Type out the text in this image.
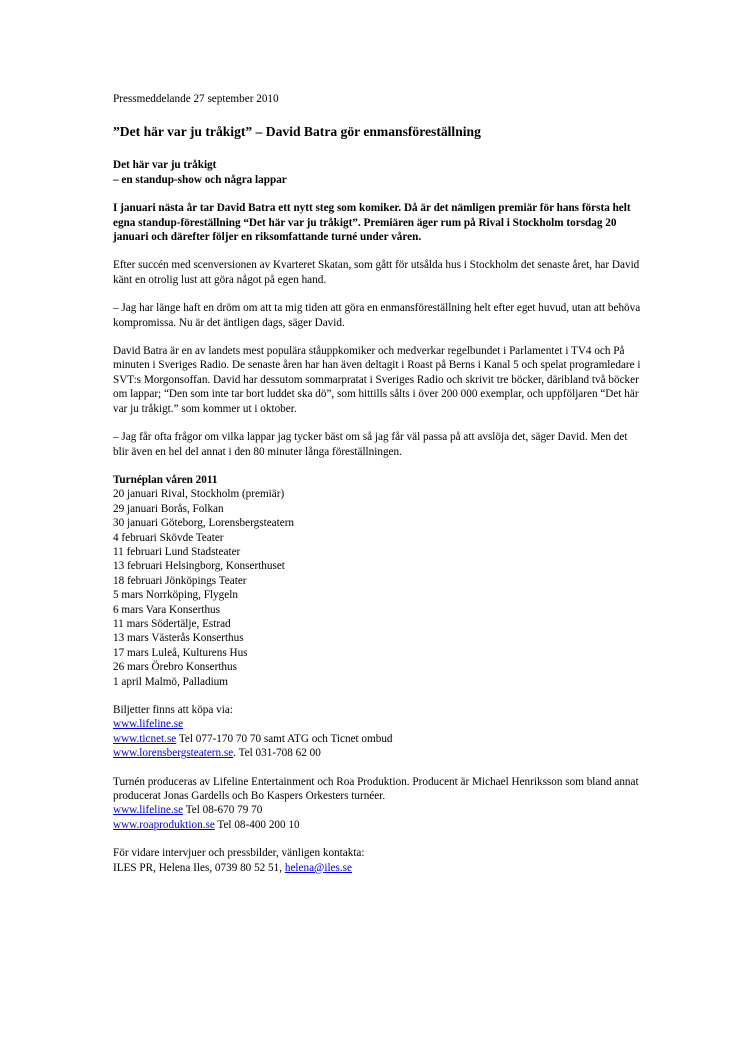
Pressmeddelande 27 september 2010

”Det här var ju tråkigt” – David Batra gör enmansföreställning

Det här var ju tråkigt
– en standup-show och några lappar

I januari nästa år tar David Batra ett nytt steg som komiker. Då är det nämligen premiär för hans första helt egna standup-föreställning “Det här var ju tråkigt”. Premiären äger rum på Rival i Stockholm torsdag 20 januari och därefter följer en riksomfattande turné under våren.

Efter succén med scenversionen av Kvarteret Skatan, som gått för utsålda hus i Stockholm det senaste året, har David känt en otrolig lust att göra något på egen hand.

– Jag har länge haft en dröm om att ta mig tiden att göra en enmansföreställning helt efter eget huvud, utan att behöva kompromissa. Nu är det äntligen dags, säger David.

David Batra är en av landets mest populära ståuppkomiker och medverkar regelbundet i Parlamentet i TV4 och På minuten i Sveriges Radio. De senaste åren har han även deltagit i Roast på Berns i Kanal 5 och spelat programledare i SVT:s Morgonsoffan. David har dessutom sommarpratat i Sveriges Radio och skrivit tre böcker, däribland två böcker om lappar; “Den som inte tar bort luddet ska dö”, som hittills sålts i över 200 000 exemplar, och uppföljaren “Det här var ju tråkigt.” som kommer ut i oktober.

– Jag får ofta frågor om vilka lappar jag tycker bäst om så jag får väl passa på att avslöja det, säger David. Men det blir även en hel del annat i den 80 minuter långa föreställningen.

Turnéplan våren 2011
20 januari Rival, Stockholm (premiär)
29 januari Borås, Folkan
30 januari Göteborg, Lorensbergsteatern
4 februari Skövde Teater
11 februari Lund Stadsteater
13 februari Helsingborg, Konserthuset
18 februari Jönköpings Teater
5 mars Norrköping, Flygeln
6 mars Vara Konserthus
11 mars Södertälje, Estrad
13 mars Västerås Konserthus
17 mars Luleå, Kulturens Hus
26 mars Örebro Konserthus
1 april Malmö, Palladium
Biljetter finns att köpa via:
www.lifeline.se
www.ticnet.se Tel 077-170 70 70 samt ATG och Ticnet ombud
www.lorensbergsteatern.se. Tel 031-708 62 00
Turnén produceras av Lifeline Entertainment och Roa Produktion. Producent är Michael Henriksson som bland annat producerat Jonas Gardells och Bo Kaspers Orkesters turnéer.
www.lifeline.se Tel 08-670 79 70
www.roaproduktion.se Tel 08-400 200 10
För vidare intervjuer och pressbilder, vänligen kontakta:
ILES PR, Helena Iles, 0739 80 52 51, helena@iles.se
